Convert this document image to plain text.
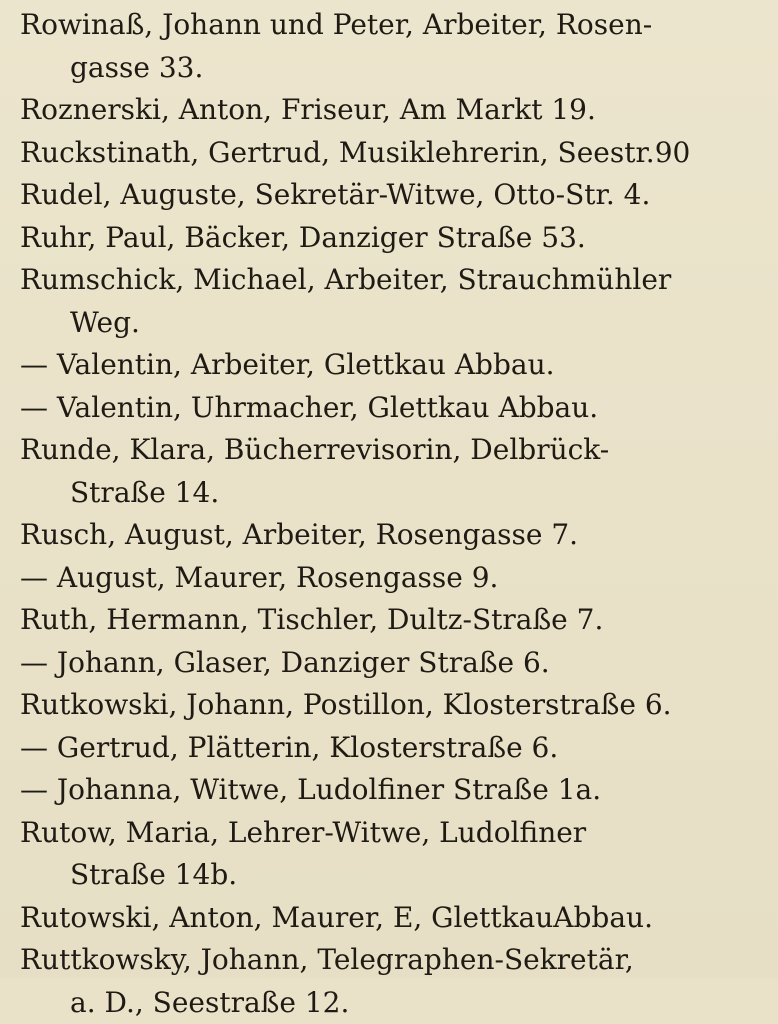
Rowinaß, Johann und Peter, Arbeiter, Rosen-
gasse 33.
Roznerski, Anton, Friseur, Am Markt 19.
Ruckstinath, Gertrud, Musiklehrerin, Seestr.90
Rudel, Auguste, Sekretär-Witwe, Otto-Str. 4.
Ruhr, Paul, Bäcker, Danziger Straße 53.
Rumschick, Michael, Arbeiter, Strauchmühler
Weg.
— Valentin, Arbeiter, Glettkau Abbau.
— Valentin, Uhrmacher, Glettkau Abbau.
Runde, Klara, Bücherrevisorin, Delbrück-
Straße 14.
Rusch, August, Arbeiter, Rosengasse 7.
— August, Maurer, Rosengasse 9.
Ruth, Hermann, Tischler, Dultz-Straße 7.
— Johann, Glaser, Danziger Straße 6.
Rutkowski, Johann, Postillon, Klosterstraße 6.
— Gertrud, Plätterin, Klosterstraße 6.
— Johanna, Witwe, Ludolfiner Straße 1a.
Rutow, Maria, Lehrer-Witwe, Ludolfiner
Straße 14b.
Rutowski, Anton, Maurer, E, GlettkauAbbau.
Ruttkowsky, Johann, Telegraphen-Sekretär,
a. D., Seestraße 12.
